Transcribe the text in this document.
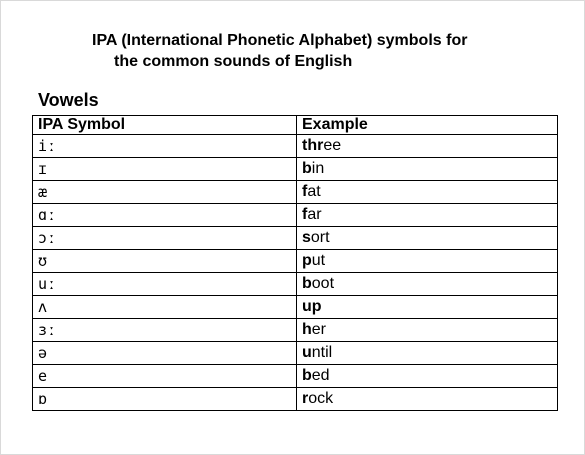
IPA (International Phonetic Alphabet) symbols for
the common sounds of English
Vowels
IPA Symbol	Example
iː	three
ɪ	bin
æ	fat
ɑː	far
ɔː	sort
ʊ	put
uː	boot
ʌ	up
ɜː	her
ə	until
e	bed
ɒ	rock
